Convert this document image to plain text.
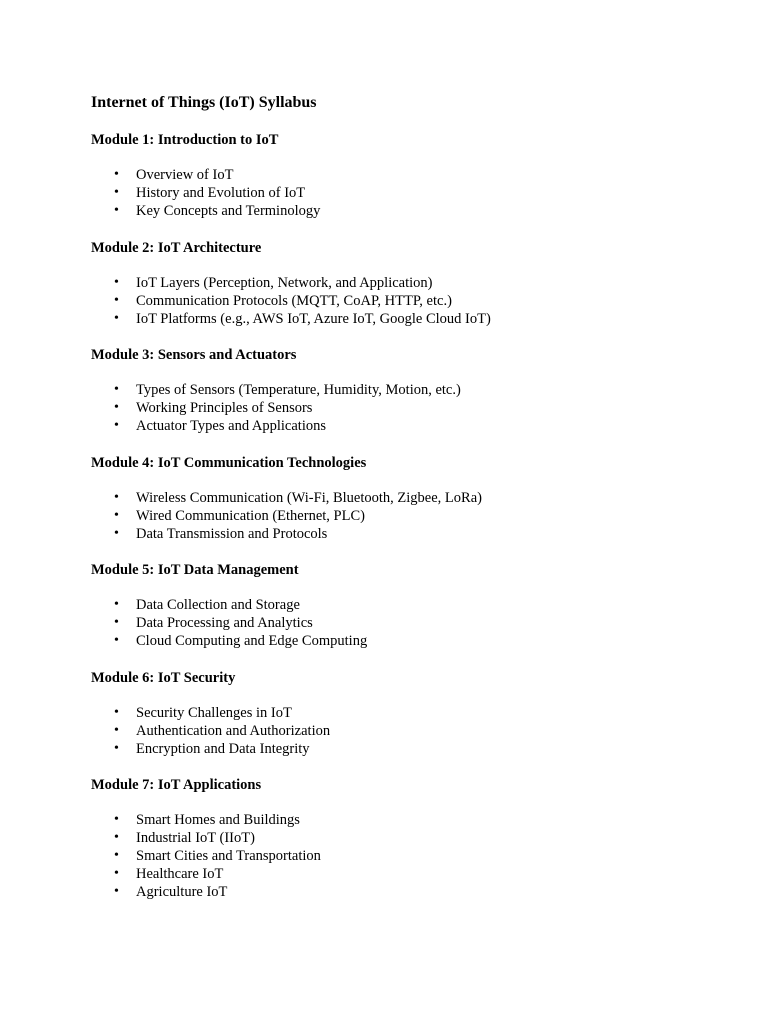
Internet of Things (IoT) Syllabus
Module 1: Introduction to IoT
• Overview of IoT
• History and Evolution of IoT
• Key Concepts and Terminology
Module 2: IoT Architecture
• IoT Layers (Perception, Network, and Application)
• Communication Protocols (MQTT, CoAP, HTTP, etc.)
• IoT Platforms (e.g., AWS IoT, Azure IoT, Google Cloud IoT)
Module 3: Sensors and Actuators
• Types of Sensors (Temperature, Humidity, Motion, etc.)
• Working Principles of Sensors
• Actuator Types and Applications
Module 4: IoT Communication Technologies
• Wireless Communication (Wi-Fi, Bluetooth, Zigbee, LoRa)
• Wired Communication (Ethernet, PLC)
• Data Transmission and Protocols
Module 5: IoT Data Management
• Data Collection and Storage
• Data Processing and Analytics
• Cloud Computing and Edge Computing
Module 6: IoT Security
• Security Challenges in IoT
• Authentication and Authorization
• Encryption and Data Integrity
Module 7: IoT Applications
• Smart Homes and Buildings
• Industrial IoT (IIoT)
• Smart Cities and Transportation
• Healthcare IoT
• Agriculture IoT
